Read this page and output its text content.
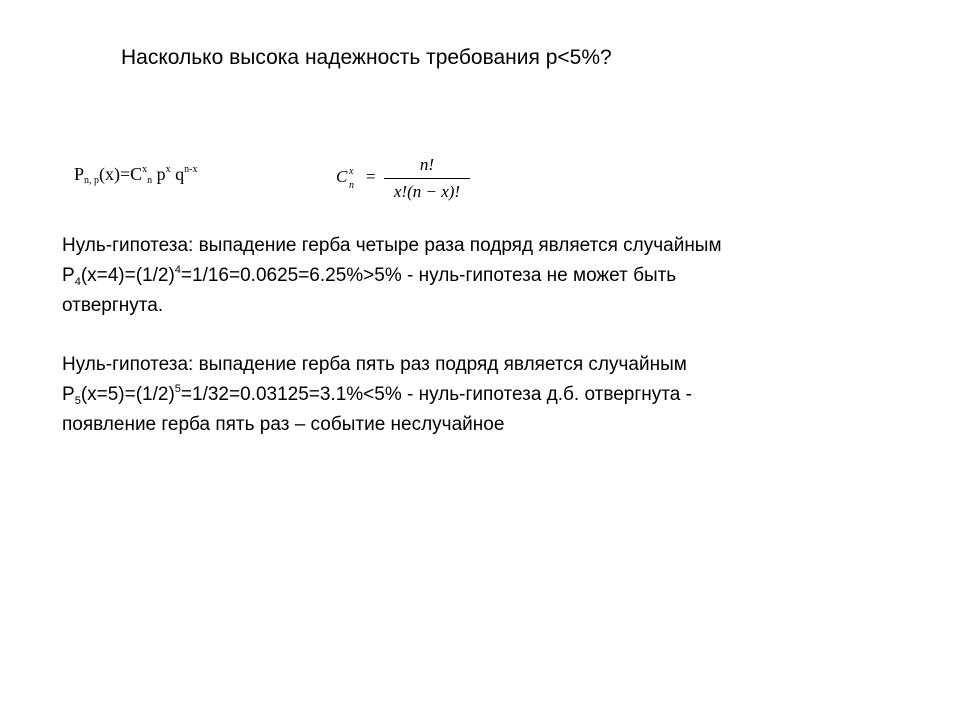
Насколько высока надежность требования p<5%?
$P_{n, p}(x)=C^x_n$ $p^x$ $q^{n-x}$	C x
n =
n!
x!(n − x)!
Нуль-гипотеза: выпадение герба четыре раза подряд является случайным
$P_4(x=4)=(1/2)^4=1/16=0.0625=6.25\%>5\%$ - нуль-гипотеза не может быть
отвергнута.
Нуль-гипотеза: выпадение герба пять раз подряд является случайным
$P_5(x=5)=(1/2)^5=1/32=0.03125=3.1\%<5\%$ - нуль-гипотеза д.б. отвергнута -
появление герба пять раз – событие неслучайное
